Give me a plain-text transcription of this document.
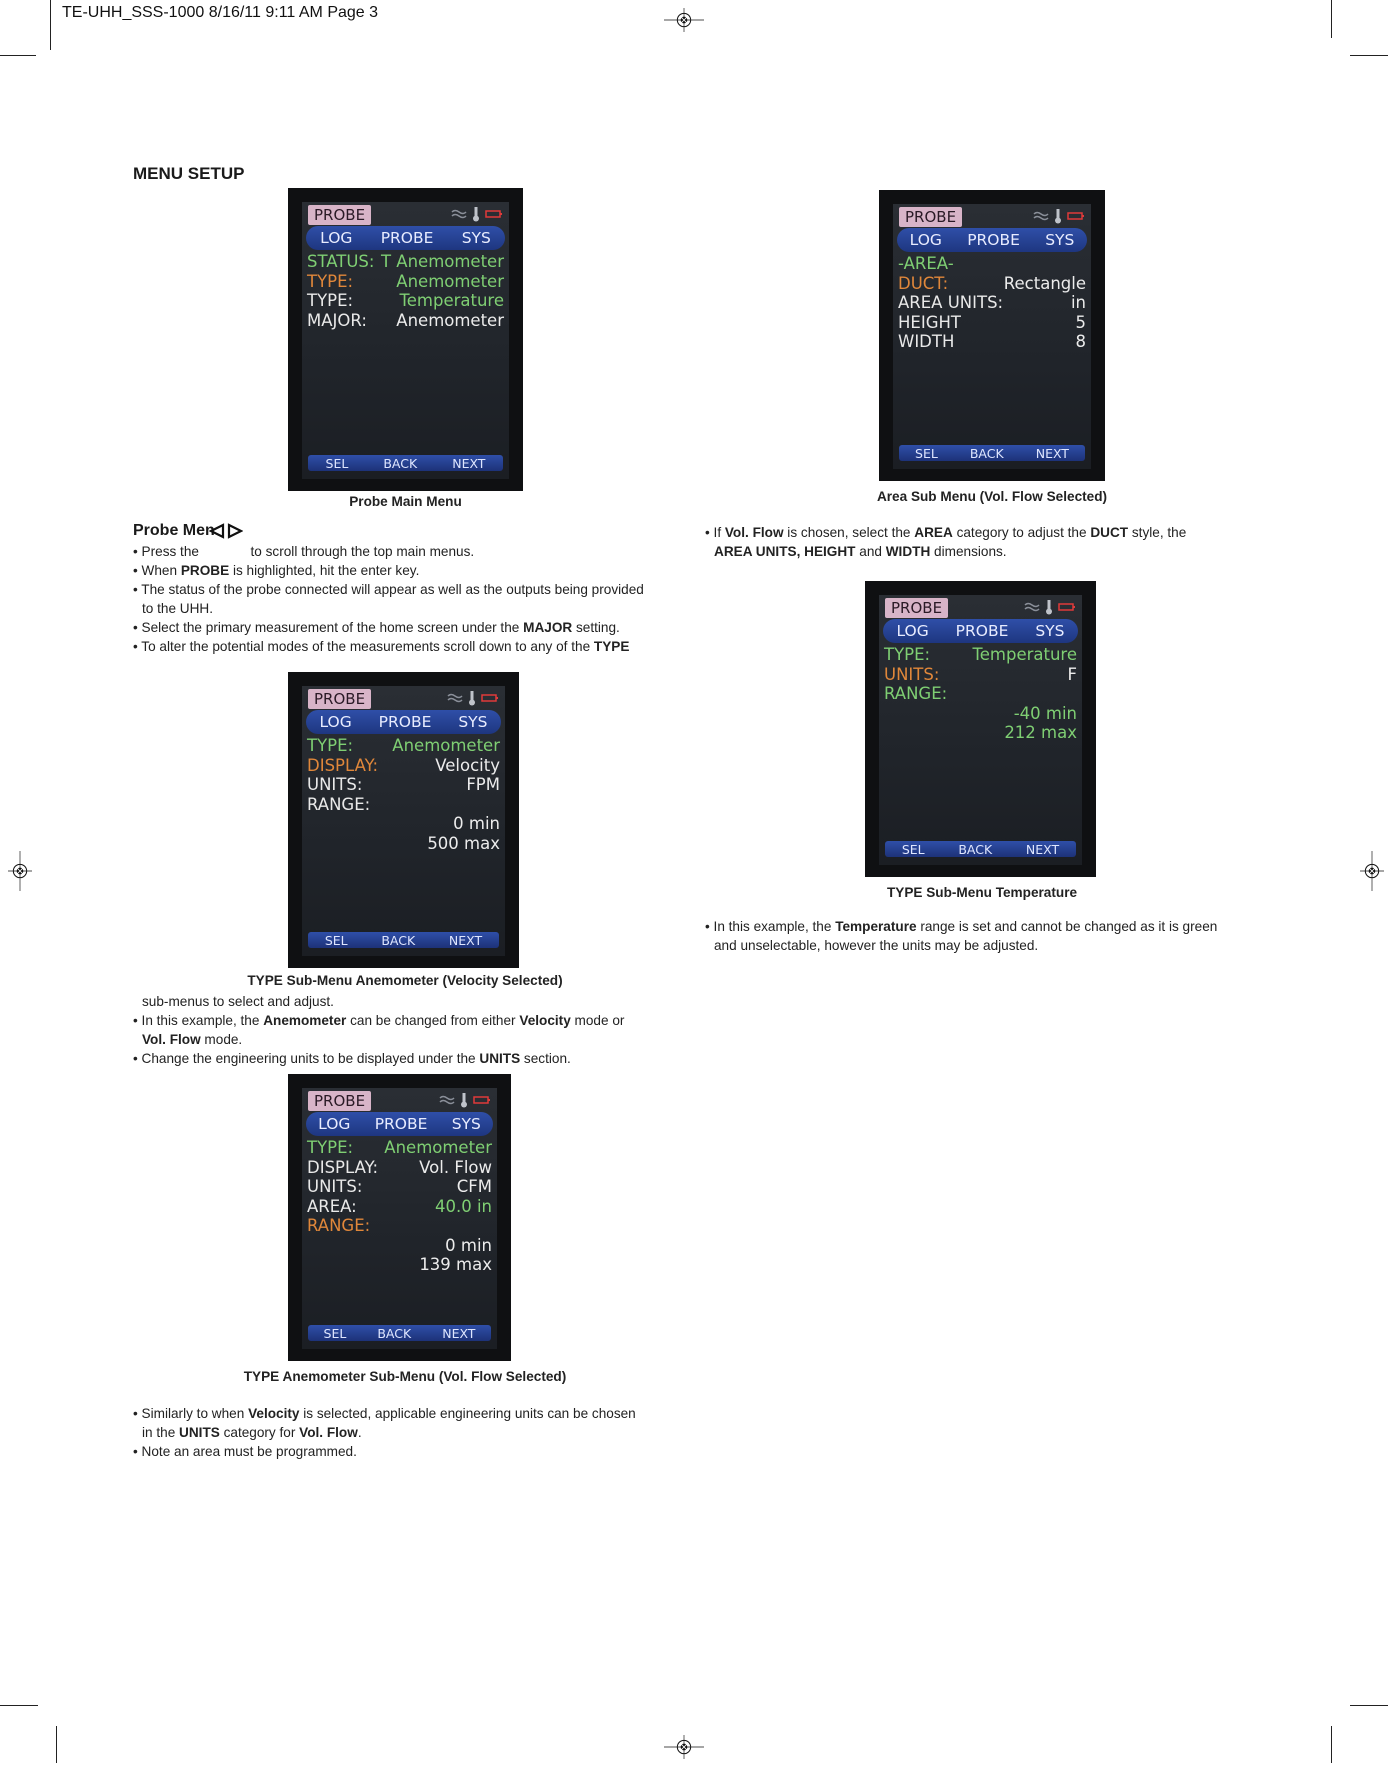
TE-UHH_SSS-1000 8/16/11 9:11 AM Page 3
MENU SETUP
PROBE
LOG PROBE SYS
STATUS: T Anemometer
TYPE:	Anemometer
TYPE:	Temperature
MAJOR: Anemometer
SEL	BACK	NEXT
Probe Main Menu
Probe Men

• Press the	to scroll through the top main menus.

• When PROBE is highlighted, hit the enter key.

• The status of the probe connected will appear as well as the outputs being provided

to the UHH.

• Select the primary measurement of the home screen under the MAJOR setting.

• To alter the potential modes of the measurements scroll down to any of the TYPE

PROBE
LOG PROBE SYS
TYPE: Anemometer
DISPLAY:	Velocity
UNITS:	FPM
RANGE:
0 min
500 max
SEL	BACK	NEXT
TYPE Sub-Menu Anemometer (Velocity Selected)

sub-menus to select and adjust.

• In this example, the Anemometer can be changed from either Velocity mode or

Vol. Flow mode.

• Change the engineering units to be displayed under the UNITS section.

PROBE
LOG PROBE SYS
TYPE: Anemometer
DISPLAY: Vol. Flow
UNITS:	CFM
AREA:	40.0 in
RANGE:
0 min
139 max
SEL BACK NEXT
TYPE Anemometer Sub-Menu (Vol. Flow Selected)

• Similarly to when Velocity is selected, applicable engineering units can be chosen

in the UNITS category for Vol. Flow.

• Note an area must be programmed.

PROBE
LOG PROBE SYS
-AREA-
DUCT:	Rectangle
AREA UNITS:	in
HEIGHT	5
WIDTH	8
SEL	BACK	NEXT
Area Sub Menu (Vol. Flow Selected)

• If Vol. Flow is chosen, select the AREA category to adjust the DUCT style, the

AREA UNITS, HEIGHT and WIDTH dimensions.

PROBE
LOG PROBE SYS
TYPE:	Temperature
UNITS:	F
RANGE:
-40 min
212 max
SEL	BACK	NEXT
TYPE Sub-Menu Temperature

• In this example, the Temperature range is set and cannot be changed as it is green

and unselectable, however the units may be adjusted.
